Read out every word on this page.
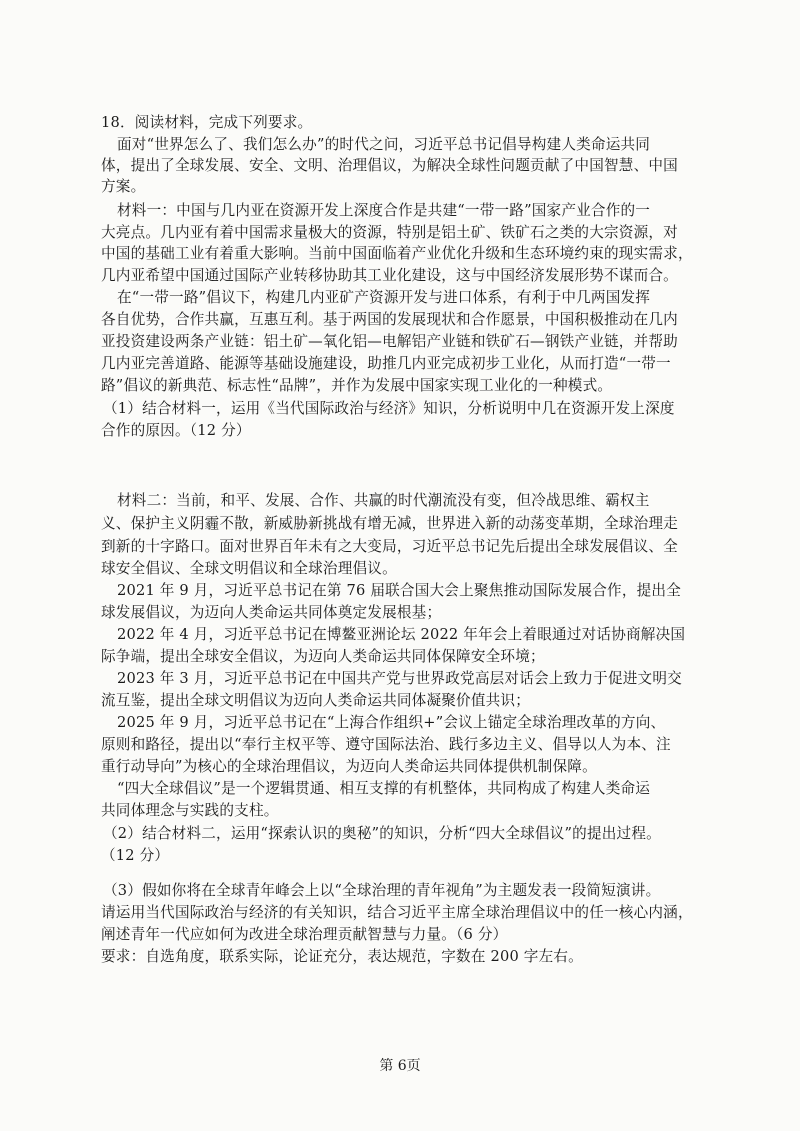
18．阅读材料，完成下列要求。
面对“世界怎么了、我们怎么办”的时代之问，习近平总书记倡导构建人类命运共同
体，提出了全球发展、安全、文明、治理倡议，为解决全球性问题贡献了中国智慧、中国
方案。
材料一：中国与几内亚在资源开发上深度合作是共建“一带一路”国家产业合作的一
大亮点。几内亚有着中国需求量极大的资源，特别是铝土矿、铁矿石之类的大宗资源，对
中国的基础工业有着重大影响。当前中国面临着产业优化升级和生态环境约束的现实需求，
几内亚希望中国通过国际产业转移协助其工业化建设，这与中国经济发展形势不谋而合。
在“一带一路”倡议下，构建几内亚矿产资源开发与进口体系，有利于中几两国发挥
各自优势，合作共赢，互惠互利。基于两国的发展现状和合作愿景，中国积极推动在几内
亚投资建设两条产业链：铝土矿—氧化铝—电解铝产业链和铁矿石—钢铁产业链，并帮助
几内亚完善道路、能源等基础设施建设，助推几内亚完成初步工业化，从而打造“一带一
路”倡议的新典范、标志性“品牌”，并作为发展中国家实现工业化的一种模式。
（1）结合材料一，运用《当代国际政治与经济》知识，分析说明中几在资源开发上深度
合作的原因。（12 分）
材料二：当前，和平、发展、合作、共赢的时代潮流没有变，但冷战思维、霸权主
义、保护主义阴霾不散，新威胁新挑战有增无减，世界进入新的动荡变革期，全球治理走
到新的十字路口。面对世界百年未有之大变局，习近平总书记先后提出全球发展倡议、全
球安全倡议、全球文明倡议和全球治理倡议。
2021 年 9 月，习近平总书记在第 76 届联合国大会上聚焦推动国际发展合作，提出全
球发展倡议，为迈向人类命运共同体奠定发展根基；
2022 年 4 月，习近平总书记在博鳌亚洲论坛 2022 年年会上着眼通过对话协商解决国
际争端，提出全球安全倡议，为迈向人类命运共同体保障安全环境；
2023 年 3 月，习近平总书记在中国共产党与世界政党高层对话会上致力于促进文明交
流互鉴，提出全球文明倡议为迈向人类命运共同体凝聚价值共识；
2025 年 9 月，习近平总书记在“上海合作组织+”会议上锚定全球治理改革的方向、
原则和路径，提出以“奉行主权平等、遵守国际法治、践行多边主义、倡导以人为本、注
重行动导向”为核心的全球治理倡议，为迈向人类命运共同体提供机制保障。
“四大全球倡议”是一个逻辑贯通、相互支撑的有机整体，共同构成了构建人类命运
共同体理念与实践的支柱。
（2）结合材料二，运用“探索认识的奥秘”的知识，分析“四大全球倡议”的提出过程。
（12 分）
（3）假如你将在全球青年峰会上以“全球治理的青年视角”为主题发表一段简短演讲。
请运用当代国际政治与经济的有关知识，结合习近平主席全球治理倡议中的任一核心内涵，
阐述青年一代应如何为改进全球治理贡献智慧与力量。（6 分）
要求：自选角度，联系实际，论证充分，表达规范，字数在 200 字左右。
第 6页
